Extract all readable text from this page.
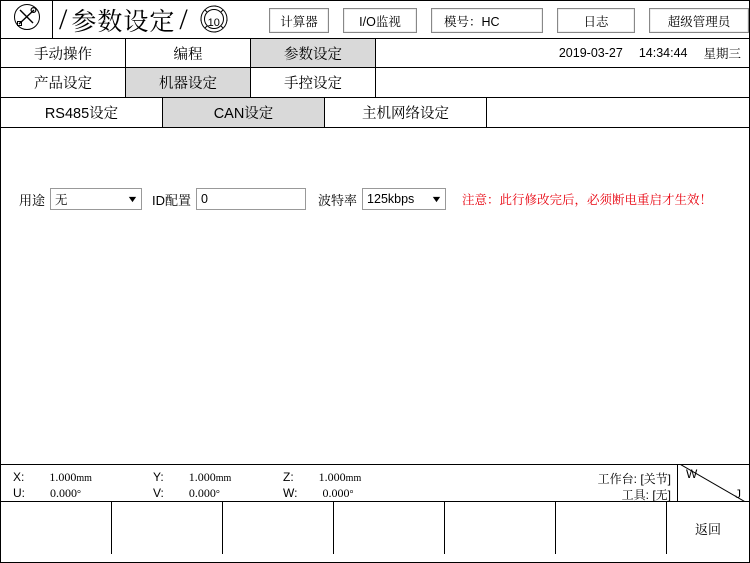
/ 参数设定 / 10	计算器	I/O监视	模号：HC	日志	超级管理员
手动操作	编程	参数设定	2019-03-27 14:34:44 星期三
产品设定	机器设定	手控设定
RS485设定	CAN设定	主机网络设定
用途 无	▼ ID配置 0	波特率 125kbps ▼ 注意：此行修改完后，必须断电重启才生效！
X: 1.000mm	Y: 1.000mm	Z: 1.000mm
U: 0.000°	V: 0.000°	W: 0.000°
工作台: [关节]
工具: [无]
W
J
返回
